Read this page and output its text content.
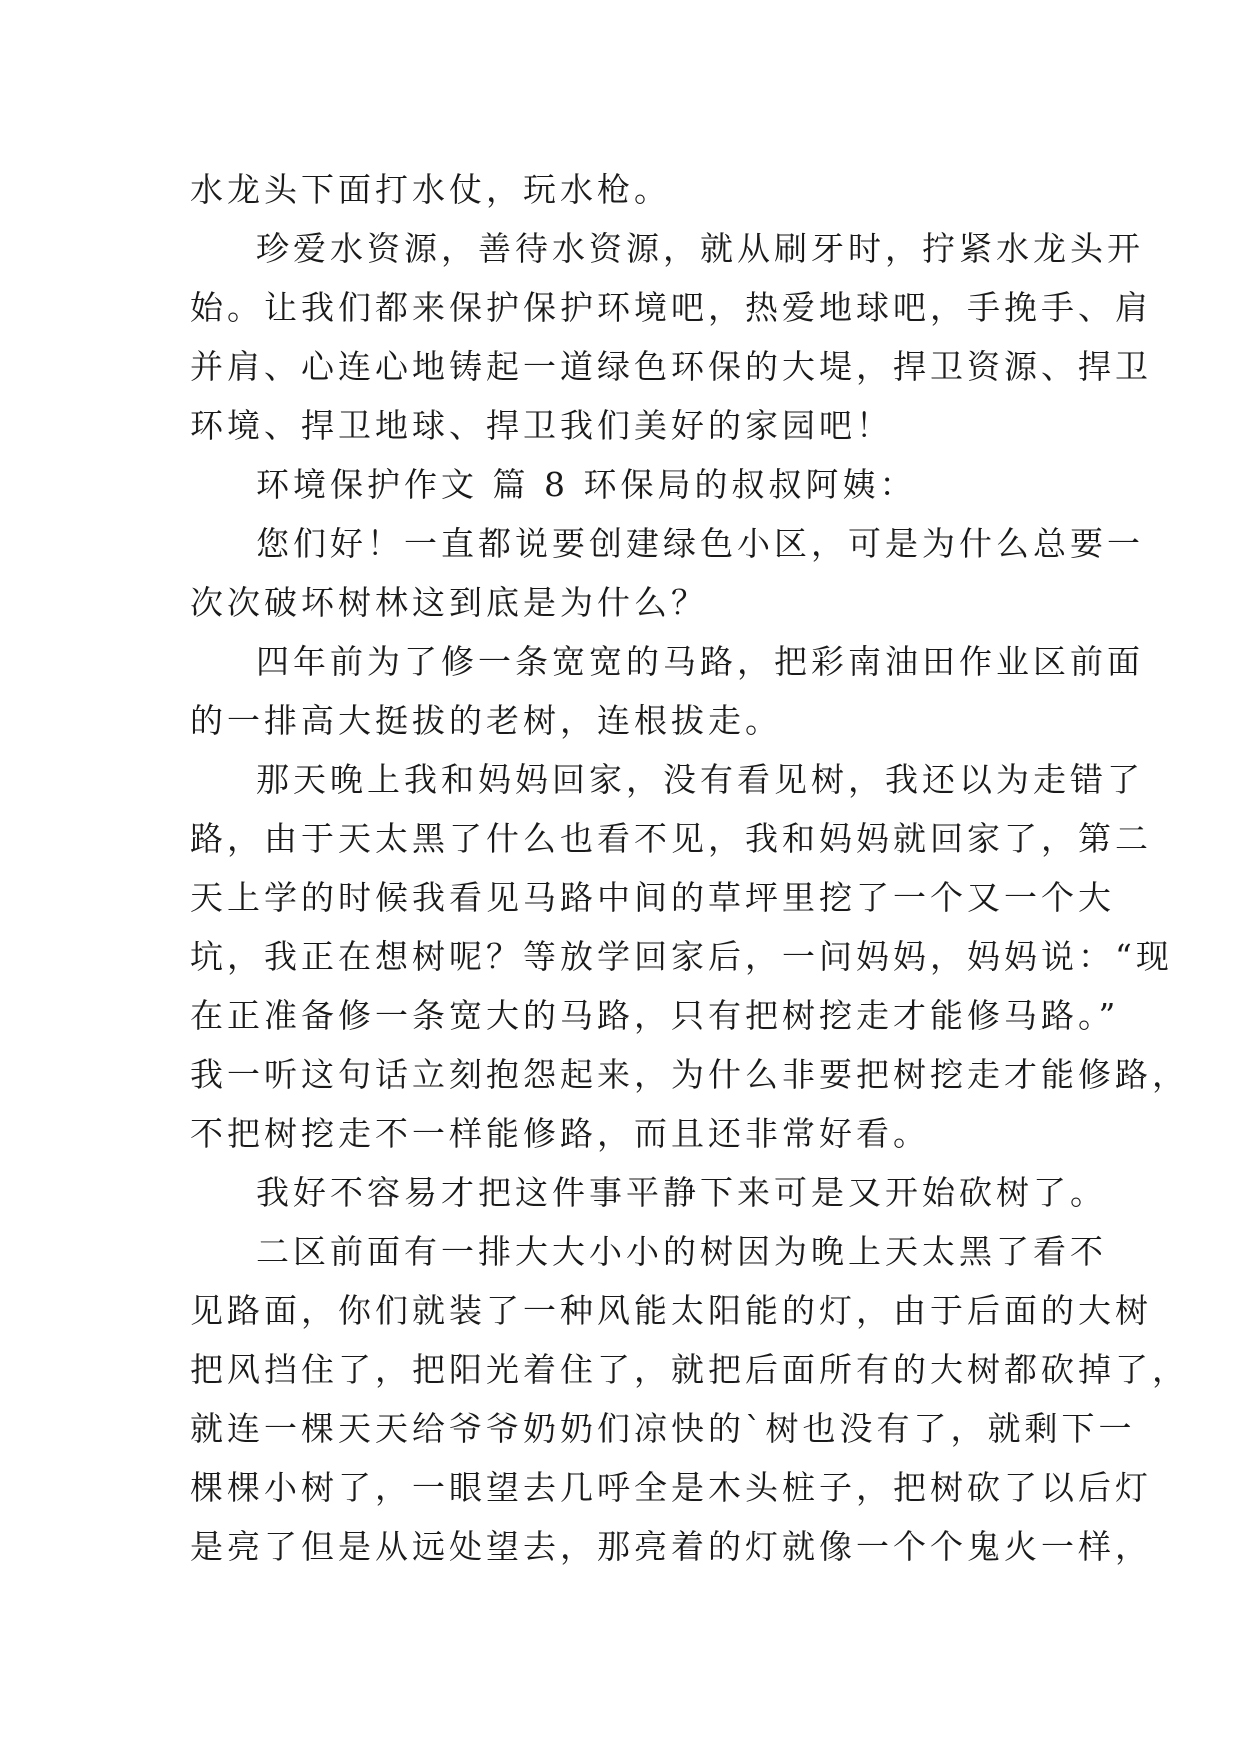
水龙头下面打水仗，玩水枪。
珍爱水资源，善待水资源，就从刷牙时，拧紧水龙头开
始。让我们都来保护保护环境吧，热爱地球吧，手挽手、肩
并肩、心连心地铸起一道绿色环保的大堤，捍卫资源、捍卫
环境、捍卫地球、捍卫我们美好的家园吧！
环境保护作文 篇 8 环保局的叔叔阿姨：
您们好！一直都说要创建绿色小区，可是为什么总要一
次次破坏树林这到底是为什么？
四年前为了修一条宽宽的马路，把彩南油田作业区前面
的一排高大挺拔的老树，连根拔走。
那天晚上我和妈妈回家，没有看见树，我还以为走错了
路，由于天太黑了什么也看不见，我和妈妈就回家了，第二
天上学的时候我看见马路中间的草坪里挖了一个又一个大
坑，我正在想树呢？等放学回家后，一问妈妈，妈妈说：“现
在正准备修一条宽大的马路，只有把树挖走才能修马路。”
我一听这句话立刻抱怨起来，为什么非要把树挖走才能修路，
不把树挖走不一样能修路，而且还非常好看。
我好不容易才把这件事平静下来可是又开始砍树了。
二区前面有一排大大小小的树因为晚上天太黑了看不
见路面，你们就装了一种风能太阳能的灯，由于后面的大树
把风挡住了，把阳光着住了，就把后面所有的大树都砍掉了，
就连一棵天天给爷爷奶奶们凉快的`树也没有了，就剩下一
棵棵小树了，一眼望去几呼全是木头桩子，把树砍了以后灯
是亮了但是从远处望去，那亮着的灯就像一个个鬼火一样，
